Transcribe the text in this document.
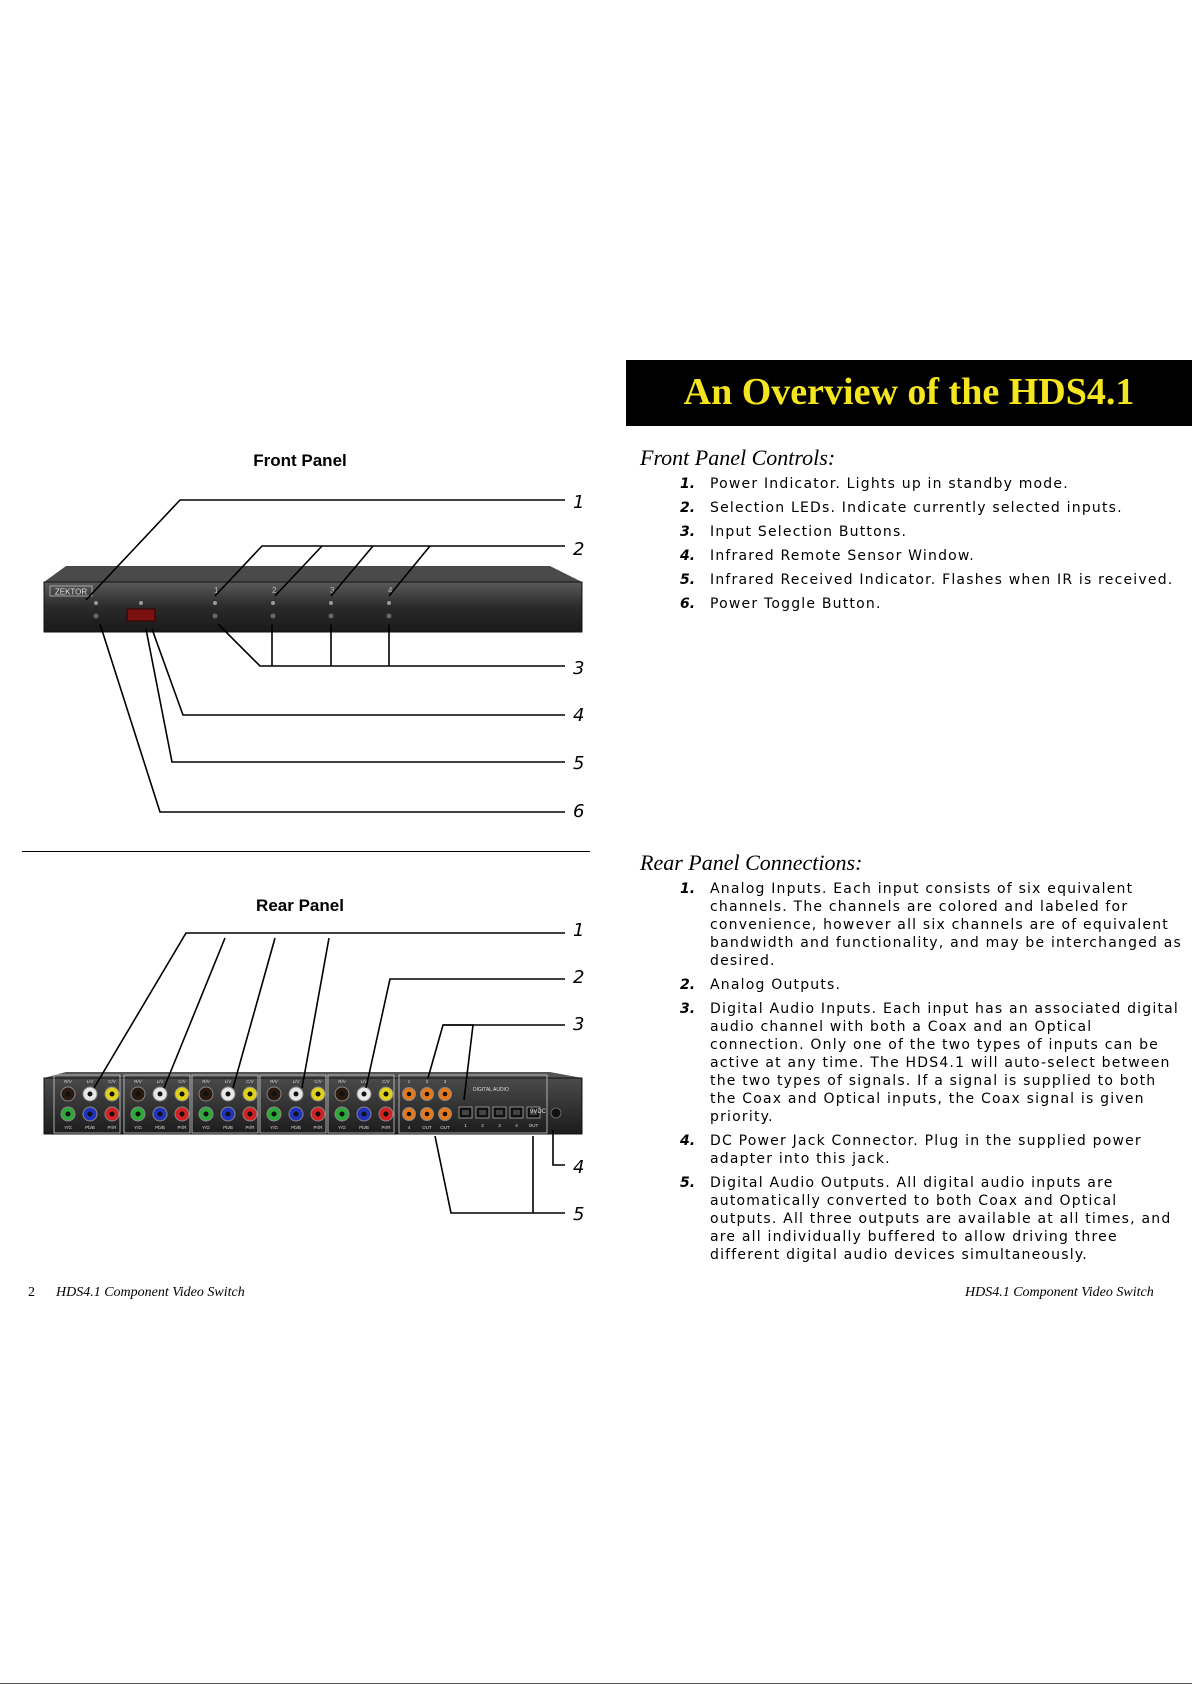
Front Panel
ZEKTOR	1	2	3	4
1
2
3
4
5
6
Rear Panel
R/V
Y/G
L/V
Pb/B
C/V
Pr/R
R/V
Y/G
L/V
Pb/B
C/V
Pr/R
R/V
Y/G
L/V
Pb/B
C/V
Pr/R
R/V
Y/G
L/V
Pb/B
C/V
Pr/R
R/V
Y/G
L/V
Pb/B
C/V
Pr/R
1
4
2
OUT
3
OUT	1	2	3	4 OUT
9VDC
DIGITAL AUDIO
1
2
3
4
5
2 HDS4.1 Component Video Switch
An Overview of the HDS4.1
Front Panel Controls:
1. Power Indicator. Lights up in standby mode.
2. Selection LEDs. Indicate currently selected inputs.
3. Input Selection Buttons.
4. Infrared Remote Sensor Window.
5. Infrared Received Indicator. Flashes when IR is received.
6. Power Toggle Button.
Rear Panel Connections:
1. Analog Inputs. Each input consists of six equivalent channels. The channels are colored and labeled for convenience, however all six channels are of equivalent bandwidth and functionality, and may be interchanged as desired.
2. Analog Outputs.
3. Digital Audio Inputs. Each input has an associated digital audio channel with both a Coax and an Optical connection. Only one of the two types of inputs can be active at any time. The HDS4.1 will auto-select between the two types of signals. If a signal is supplied to both the Coax and Optical inputs, the Coax signal is given priority.
4. DC Power Jack Connector. Plug in the supplied power adapter into this jack.
5. Digital Audio Outputs. All digital audio inputs are automatically converted to both Coax and Optical outputs. All three outputs are available at all times, and are all individually buffered to allow driving three different digital audio devices simultaneously.
HDS4.1 Component Video Switch
